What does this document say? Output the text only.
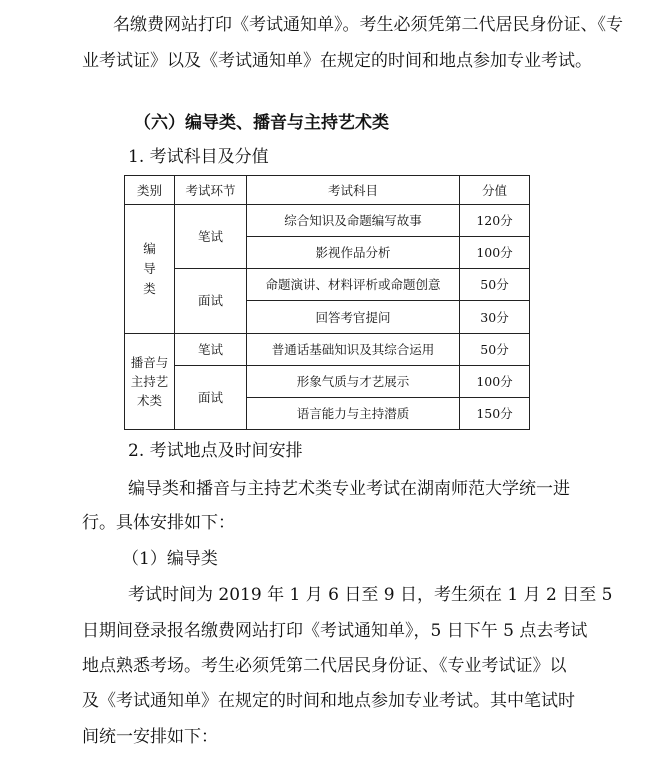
名缴费网站打印《考试通知单》。考生必须凭第二代居民身份证、《专
业考试证》以及《考试通知单》在规定的时间和地点参加专业考试。
（六）编导类、播音与主持艺术类
1. 考试科目及分值
类别	考试环节	考试科目	分值
编导类	笔试	综合知识及命题编写故事	120分
		影视作品分析	100分
	面试	命题演讲、材料评析或命题创意	50分
		回答考官提问	30分
播音与主持艺术类	笔试	普通话基础知识及其综合运用	50分
	面试	形象气质与才艺展示	100分
		语言能力与主持潜质	150分
2. 考试地点及时间安排
编导类和播音与主持艺术类专业考试在湖南师范大学统一进
行。具体安排如下：
（1）编导类
考试时间为 2019 年 1 月 6 日至 9 日，考生须在 1 月 2 日至 5
日期间登录报名缴费网站打印《考试通知单》，5 日下午 5 点去考试
地点熟悉考场。考生必须凭第二代居民身份证、《专业考试证》以
及《考试通知单》在规定的时间和地点参加专业考试。其中笔试时
间统一安排如下：
